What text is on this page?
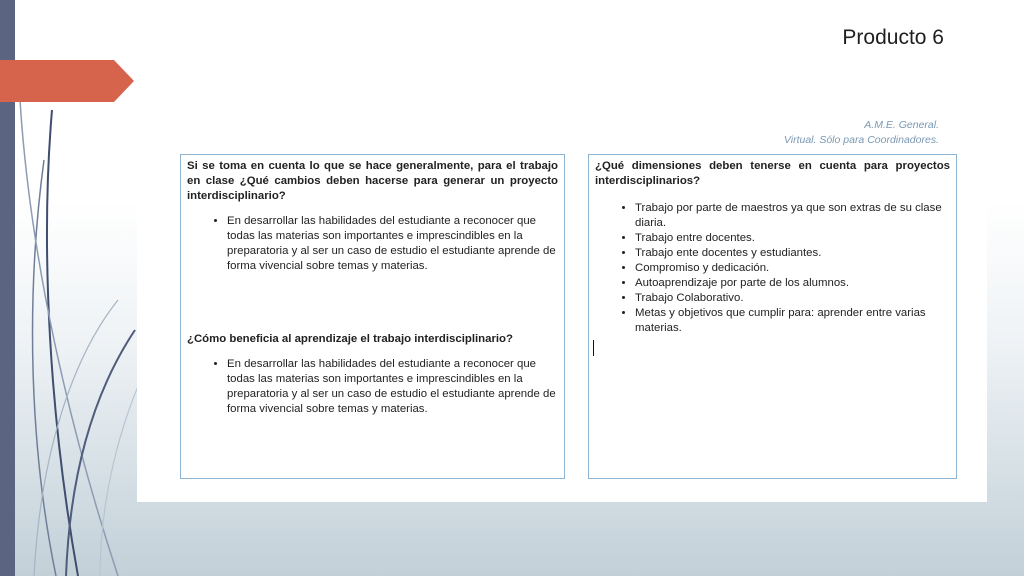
Producto 6
A.M.E. General.
Virtual. Sólo para Coordinadores.

Si se toma en cuenta lo que se hace generalmente, para el trabajo en clase ¿Qué cambios deben hacerse para generar un proyecto interdisciplinario?

• En desarrollar las habilidades del estudiante a reconocer que todas las materias son importantes e imprescindibles en la preparatoria y al ser un caso de estudio el estudiante aprende de forma vivencial sobre temas y materias.

¿Cómo beneficia al aprendizaje el trabajo interdisciplinario?

• En desarrollar las habilidades del estudiante a reconocer que todas las materias son importantes e imprescindibles en la preparatoria y al ser un caso de estudio el estudiante aprende de forma vivencial sobre temas y materias.

¿Qué dimensiones deben tenerse en cuenta para proyectos interdisciplinarios?

• Trabajo por parte de maestros ya que son extras de su clase diaria.
• Trabajo entre docentes.
• Trabajo ente docentes y estudiantes.
• Compromiso y dedicación.
• Autoaprendizaje por parte de los alumnos.
• Trabajo Colaborativo.
• Metas y objetivos que cumplir para: aprender entre varias materias.
